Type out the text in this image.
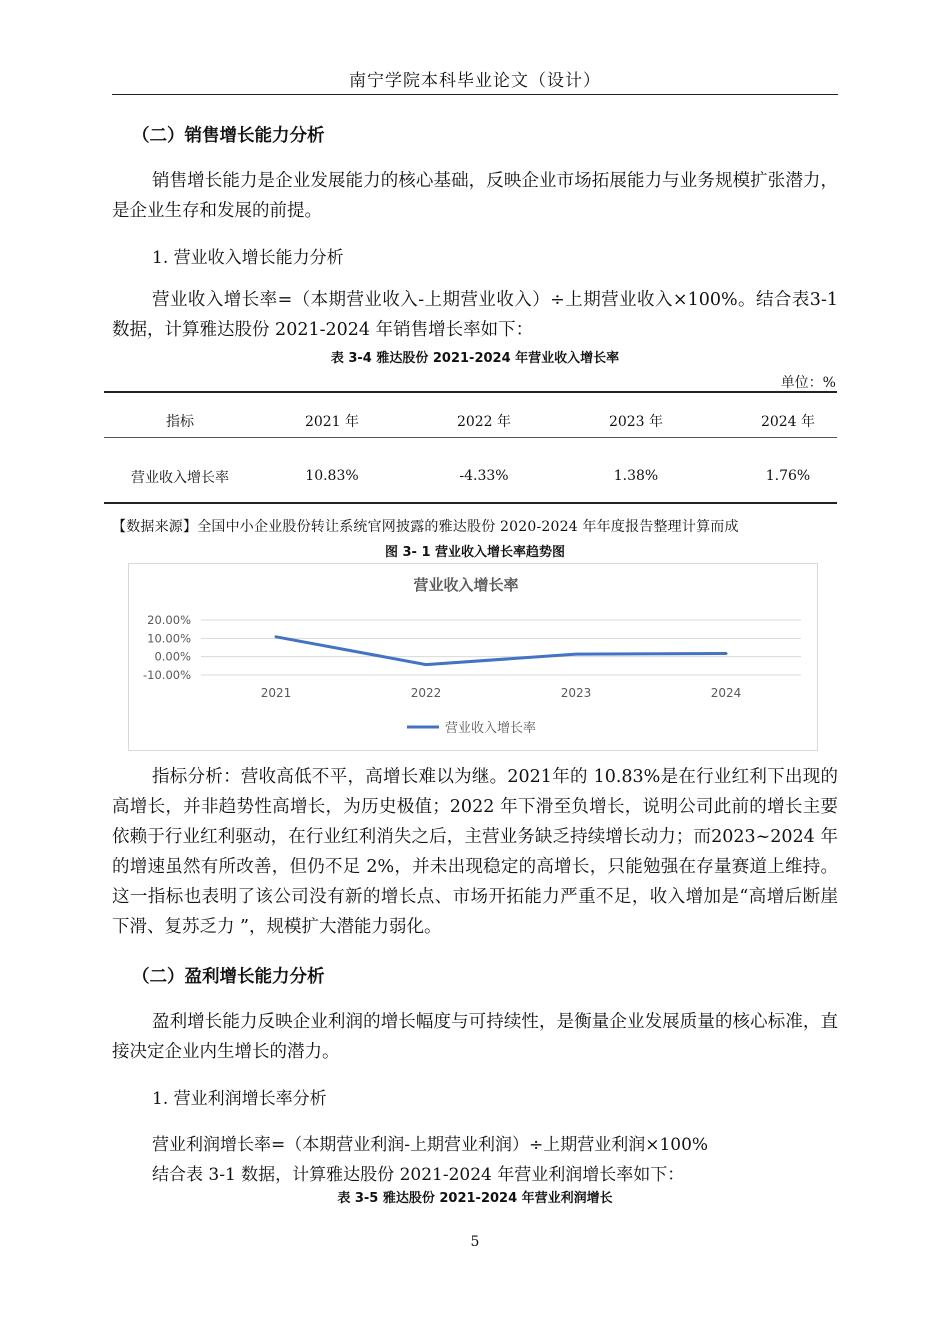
南宁学院本科毕业论文（设计）
（二）销售增长能力分析
销售增长能力是企业发展能力的核心基础，反映企业市场拓展能力与业务规模扩张潜力，是企业生存和发展的前提。
1. 营业收入增长能力分析
营业收入增长率=（本期营业收入-上期营业收入）÷上期营业收入×100%。结合表3-1 数据，计算雅达股份 2021-2024 年销售增长率如下：
表 3-4 雅达股份 2021-2024 年营业收入增长率
单位：%
指标	2021 年	2022 年	2023 年	2024 年
营业收入增长率	10.83%	-4.33%	1.38%	1.76%
【数据来源】全国中小企业股份转让系统官网披露的雅达股份 2020-2024 年年度报告整理计算而成
图 3- 1 营业收入增长率趋势图
营业收入增长率
20.00%
10.00%
0.00%
-10.00%
2021	2022	2023	2024
营业收入增长率
指标分析：营收高低不平，高增长难以为继。2021年的 10.83%是在行业红利下出现的高增长，并非趋势性高增长，为历史极值；2022 年下滑至负增长，说明公司此前的增长主要依赖于行业红利驱动，在行业红利消失之后，主营业务缺乏持续增长动力；而2023~2024 年的增速虽然有所改善，但仍不足 2%，并未出现稳定的高增长，只能勉强在存量赛道上维持。这一指标也表明了该公司没有新的增长点、市场开拓能力严重不足，收入增加是“高增后断崖下滑、复苏乏力 ”，规模扩大潜能力弱化。
（二）盈利增长能力分析
盈利增长能力反映企业利润的增长幅度与可持续性，是衡量企业发展质量的核心标准，直接决定企业内生增长的潜力。
1. 营业利润增长率分析
营业利润增长率=（本期营业利润-上期营业利润）÷上期营业利润×100%
结合表 3-1 数据，计算雅达股份 2021-2024 年营业利润增长率如下：
表 3-5 雅达股份 2021-2024 年营业利润增长
5
